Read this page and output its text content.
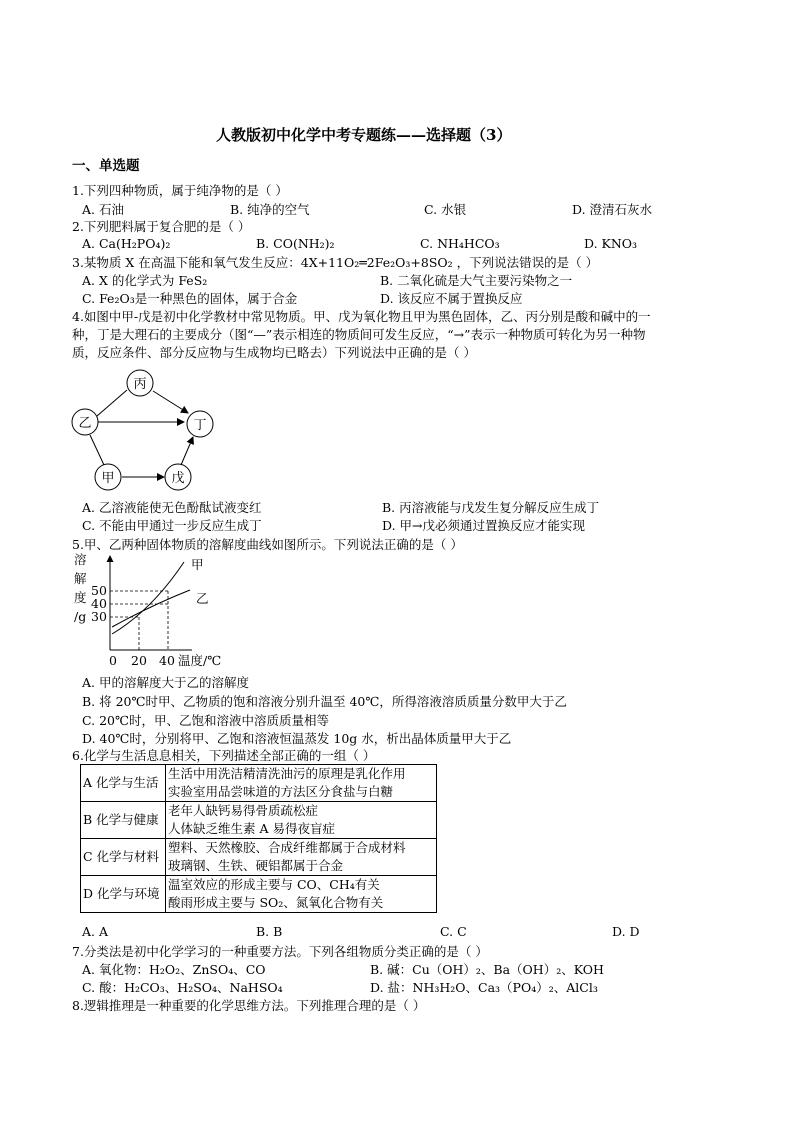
人教版初中化学中考专题练——选择题（3）
一、单选题
1.下列四种物质，属于纯净物的是（ ）
A. 石油	B. 纯净的空气	C. 水银	D. 澄清石灰水
2.下列肥料属于复合肥的是（ ）
A. Ca(H₂PO₄)₂	B. CO(NH₂)₂	C. NH₄HCO₃	D. KNO₃
3.某物质 X 在高温下能和氧气发生反应：4X+11O₂═2Fe₂O₃+8SO₂ ，下列说法错误的是（ ）
A. X 的化学式为 FeS₂	B. 二氧化硫是大气主要污染物之一
C. Fe₂O₃是一种黑色的固体，属于合金	D. 该反应不属于置换反应
4.如图中甲-戊是初中化学教材中常见物质。甲、戊为氧化物且甲为黑色固体，乙、丙分别是酸和碱中的一
种，丁是大理石的主要成分（图“—”表示相连的物质间可发生反应，“→”表示一种物质可转化为另一种物
质，反应条件、部分反应物与生成物均已略去）下列说法中正确的是（ ）
丙
乙	丁
甲	戊
A. 乙溶液能使无色酚酞试液变红	B. 丙溶液能与戊发生复分解反应生成丁
C. 不能由甲通过一步反应生成丁	D. 甲→戊必须通过置换反应才能实现
5.甲、乙两种固体物质的溶解度曲线如图所示。下列说法正确的是（ ）
溶
解
度
/g
50
40
30
0 20 40 温度/℃
甲
乙
A. 甲的溶解度大于乙的溶解度
B. 将 20℃时甲、乙物质的饱和溶液分别升温至 40℃，所得溶液溶质质量分数甲大于乙
C. 20℃时，甲、乙饱和溶液中溶质质量相等
D. 40℃时，分别将甲、乙饱和溶液恒温蒸发 10g 水，析出晶体质量甲大于乙
6.化学与生活息息相关，下列描述全部正确的一组（ ）
A 化学与生活	生活中用洗洁精清洗油污的原理是乳化作用
实验室用品尝味道的方法区分食盐与白糖

B 化学与健康	老年人缺钙易得骨质疏松症
人体缺乏维生素 A 易得夜盲症

C 化学与材料	塑料、天然橡胶、合成纤维都属于合成材料
玻璃钢、生铁、硬铝都属于合金

D 化学与环境	温室效应的形成主要与 CO、CH₄有关
酸雨形成主要与 SO₂、氮氧化合物有关
A. A	B. B	C. C	D. D
7.分类法是初中化学学习的一种重要方法。下列各组物质分类正确的是（ ）
A. 氧化物：H₂O₂、ZnSO₄、CO	B. 碱：Cu（OH）₂、Ba（OH）₂、KOH
C. 酸：H₂CO₃、H₂SO₄、NaHSO₄	D. 盐：NH₃H₂O、Ca₃（PO₄）₂、AlCl₃
8.逻辑推理是一种重要的化学思维方法。下列推理合理的是（ ）
